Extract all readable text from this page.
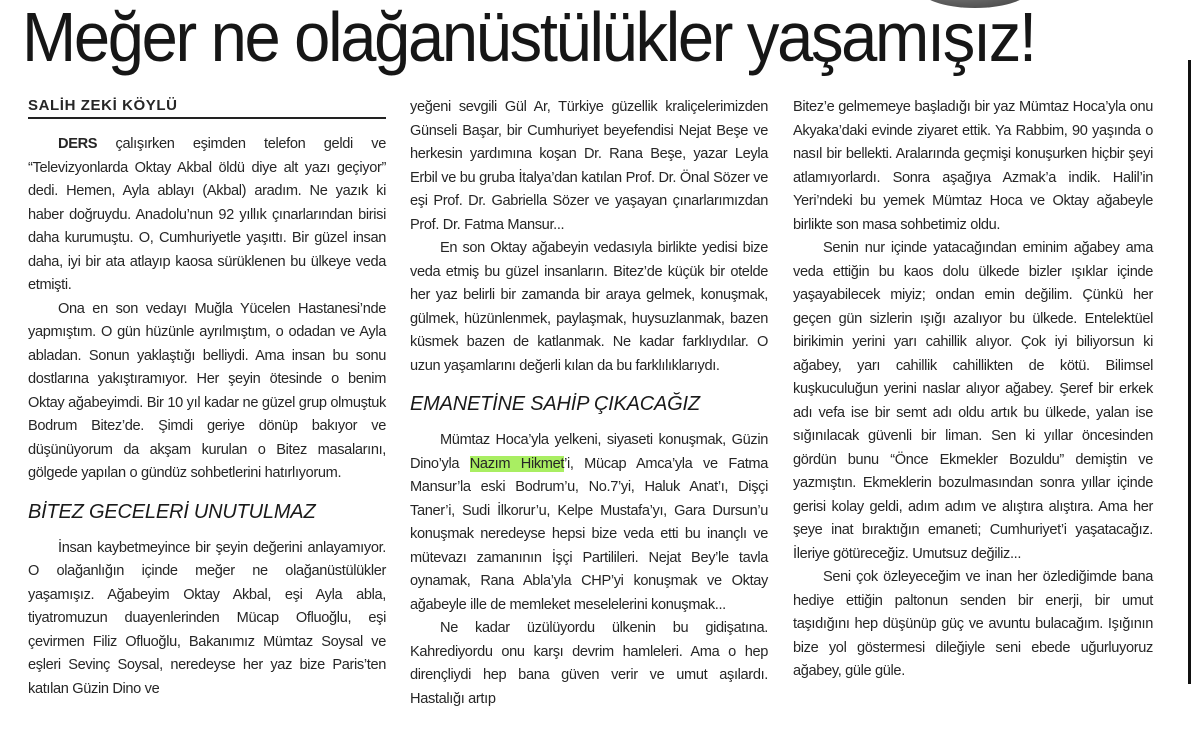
Meğer ne olağanüstülükler yaşamışız!
SALİH ZEKİ KÖYLÜ

DERS çalışırken eşimden telefon geldi ve “Televizyonlarda Oktay Akbal öldü diye alt yazı geçiyor” dedi. Hemen, Ayla ablayı (Akbal) aradım. Ne yazık ki haber doğruydu. Anadolu’nun 92 yıllık çınarlarından birisi daha kurumuştu. O, Cumhuriyetle yaşıttı. Bir güzel insan daha, iyi bir ata atlayıp kaosa sürüklenen bu ülkeye veda etmişti.

Ona en son vedayı Muğla Yücelen Hastanesi’nde yapmıştım. O gün hüzünle ayrılmıştım, o odadan ve Ayla abladan. Sonun yaklaştığı belliydi. Ama insan bu sonu dostlarına yakıştıramıyor. Her şeyin ötesinde o benim Oktay ağabeyimdi. Bir 10 yıl kadar ne güzel grup olmuştuk Bodrum Bitez’de. Şimdi geriye dönüp bakıyor ve düşünüyorum da akşam kurulan o Bitez masalarını, gölgede yapılan o gündüz sohbetlerini hatırlıyorum.

BİTEZ GECELERİ UNUTULMAZ

İnsan kaybetmeyince bir şeyin değerini anlayamıyor. O olağanlığın içinde meğer ne olağanüstülükler yaşamışız. Ağabeyim Oktay Akbal, eşi Ayla abla, tiyatromuzun duayenlerinden Mücap Ofluoğlu, eşi çevirmen Filiz Ofluoğlu, Bakanımız Mümtaz Soysal ve eşleri Sevinç Soysal, neredeyse her yaz bize Paris’ten katılan Güzin Dino ve

yeğeni sevgili Gül Ar, Türkiye güzellik kraliçelerimizden Günseli Başar, bir Cumhuriyet beyefendisi Nejat Beşe ve herkesin yardımına koşan Dr. Rana Beşe, yazar Leyla Erbil ve bu gruba İtalya’dan katılan Prof. Dr. Önal Sözer ve eşi Prof. Dr. Gabriella Sözer ve yaşayan çınarlarımızdan Prof. Dr. Fatma Mansur...

En son Oktay ağabeyin vedasıyla birlikte yedisi bize veda etmiş bu güzel insanların. Bitez’de küçük bir otelde her yaz belirli bir zamanda bir araya gelmek, konuşmak, gülmek, hüzünlenmek, paylaşmak, huysuzlanmak, bazen küsmek bazen de katlanmak. Ne kadar farklıydılar. O uzun yaşamlarını değerli kılan da bu farklılıklarıydı.

EMANETİNE SAHİP ÇIKACAĞIZ

Mümtaz Hoca’yla yelkeni, siyaseti konuşmak, Güzin Dino’yla Nazım Hikmet’i, Mücap Amca’yla ve Fatma Mansur’la eski Bodrum’u, No.7’yi, Haluk Anat’ı, Dişçi Taner’i, Sudi İlkorur’u, Kelpe Mustafa’yı, Gara Dursun’u konuşmak neredeyse hepsi bize veda etti bu inançlı ve mütevazı zamanının İşçi Partilileri. Nejat Bey’le tavla oynamak, Rana Abla’yla CHP’yi konuşmak ve Oktay ağabeyle ille de memleket meselelerini konuşmak...

Ne kadar üzülüyordu ülkenin bu gidişatına. Kahrediyordu onu karşı devrim hamleleri. Ama o hep dirençliydi hep bana güven verir ve umut aşılardı. Hastalığı artıp

Bitez’e gelmemeye başladığı bir yaz Mümtaz Hoca’yla onu Akyaka’daki evinde ziyaret ettik. Ya Rabbim, 90 yaşında o nasıl bir bellekti. Aralarında geçmişi konuşurken hiçbir şeyi atlamıyorlardı. Sonra aşağıya Azmak’a indik. Halil’in Yeri’ndeki bu yemek Mümtaz Hoca ve Oktay ağabeyle birlikte son masa sohbetimiz oldu.

Senin nur içinde yatacağından eminim ağabey ama veda ettiğin bu kaos dolu ülkede bizler ışıklar içinde yaşayabilecek miyiz; ondan emin değilim. Çünkü her geçen gün sizlerin ışığı azalıyor bu ülkede. Entelektüel birikimin yerini yarı cahillik alıyor. Çok iyi biliyorsun ki ağabey, yarı cahillik cahillikten de kötü. Bilimsel kuşkuculuğun yerini naslar alıyor ağabey. Şeref bir erkek adı vefa ise bir semt adı oldu artık bu ülkede, yalan ise sığınılacak güvenli bir liman. Sen ki yıllar öncesinden gördün bunu “Önce Ekmekler Bozuldu” demiştin ve yazmıştın. Ekmeklerin bozulmasından sonra yıllar içinde gerisi kolay geldi, adım adım ve alıştıra alıştıra. Ama her şeye inat bıraktığın emaneti; Cumhuriyet’i yaşatacağız. İleriye götüreceğiz. Umutsuz değiliz...

Seni çok özleyeceğim ve inan her özlediğimde bana hediye ettiğin paltonun senden bir enerji, bir umut taşıdığını hep düşünüp güç ve avuntu bulacağım. Işığının bize yol göstermesi dileğiyle seni ebede uğurluyoruz ağabey, güle güle.
